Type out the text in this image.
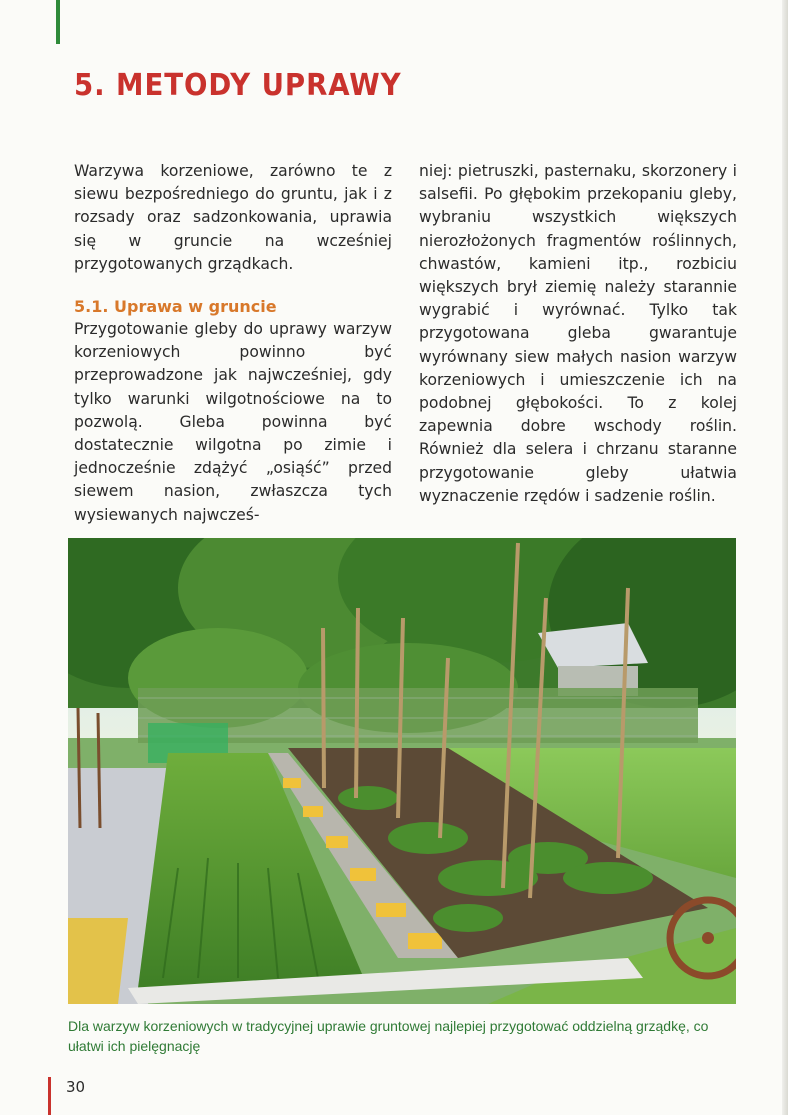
5. METODY UPRAWY

Warzywa korzeniowe, zarówno te z siewu bezpośredniego do gruntu, jak i z rozsady oraz sadzonkowania, uprawia się w gruncie na wcześniej przygotowanych grządkach.

5.1. Uprawa w gruncie

Przygotowanie gleby do uprawy warzyw korzeniowych powinno być przeprowadzone jak najwcześniej, gdy tylko warunki wilgotnościowe na to pozwolą. Gleba powinna być dostatecznie wilgotna po zimie i jednocześnie zdążyć „osiąść” przed siewem nasion, zwłaszcza tych wysiewanych najwcześ-

niej: pietruszki, pasternaku, skorzonery i salsefii. Po głębokim przekopaniu gleby, wybraniu wszystkich większych nierozłożonych fragmentów roślinnych, chwastów, kamieni itp., rozbiciu większych brył ziemię należy starannie wygrabić i wyrównać. Tylko tak przygotowana gleba gwarantuje wyrównany siew małych nasion warzyw korzeniowych i umieszczenie ich na podobnej głębokości. To z kolej zapewnia dobre wschody roślin. Również dla selera i chrzanu staranne przygotowanie gleby ułatwia wyznaczenie rzędów i sadzenie roślin.

Dla warzyw korzeniowych w tradycyjnej uprawie gruntowej najlepiej przygotować oddzielną grządkę, co ułatwi ich pielęgnację
30
